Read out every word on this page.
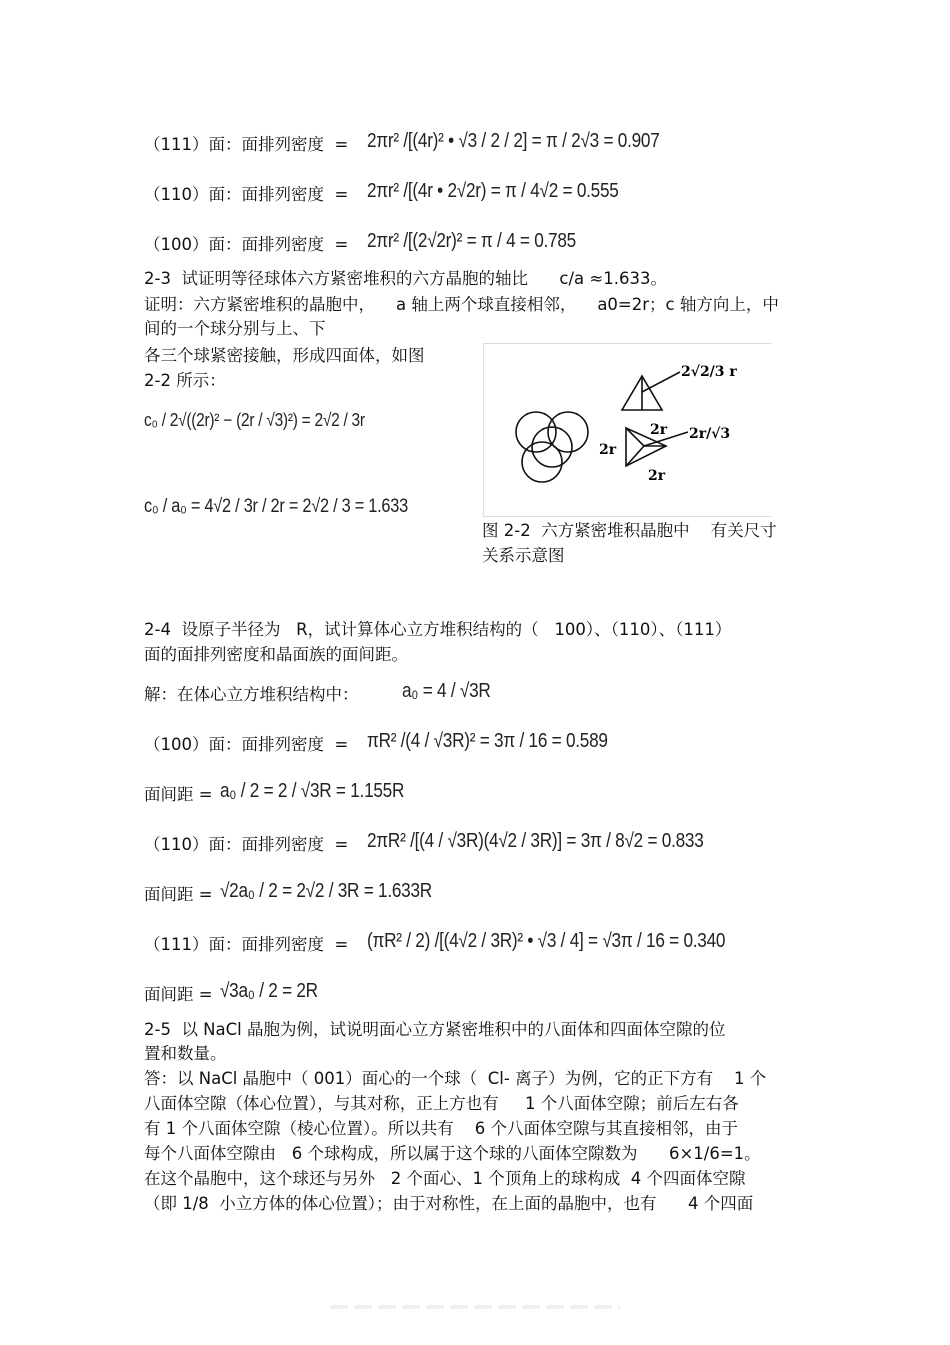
（111）面：面排列密度  = 2πr² /[(4r)² • √3 / 2 / 2] = π / 2√3 = 0.907
（110）面：面排列密度  = 2πr² /[(4r • 2√2r) = π / 4√2 = 0.555
（100）面：面排列密度  = 2πr² /[(2√2r)² = π / 4 = 0.785
2-3  试证明等径球体六方紧密堆积的六方晶胞的轴比      c/a ≈1.633。
证明：六方紧密堆积的晶胞中，    a 轴上两个球直接相邻，    a0=2r；c 轴方向上，中
间的一个球分别与上、下
各三个球紧密接触，形成四面体，如图
2-2 所示：
c₀ / 2√((2r)² − (2r / √3)²) = 2√2 / 3r
c₀ / a₀ = 4√2 / 3r / 2r = 2√2 / 3 = 1.633
2√2/3 r
2r/√3
2r
2r
2r
图 2-2  六方紧密堆积晶胞中    有关尺寸
关系示意图
2-4  设原子半径为   R，试计算体心立方堆积结构的（   100）、（110）、（111）
面的面排列密度和晶面族的面间距。
解：在体心立方堆积结构中： a₀ = 4 / √3R
（100）面：面排列密度  = πR² /(4 / √3R)² = 3π / 16 = 0.589
面间距 = a₀ / 2 = 2 / √3R = 1.155R
（110）面：面排列密度  = 2πR² /[(4 / √3R)(4√2 / 3R)] = 3π / 8√2 = 0.833
面间距 = √2a₀ / 2 = 2√2 / 3R = 1.633R
（111）面：面排列密度  = (πR² / 2) /[(4√2 / 3R)² • √3 / 4] = √3π / 16 = 0.340
面间距 = √3a₀ / 2 = 2R
2-5  以 NaCl 晶胞为例，试说明面心立方紧密堆积中的八面体和四面体空隙的位
置和数量。
答：以 NaCl 晶胞中（ 001）面心的一个球（  Cl- 离子）为例，它的正下方有    1 个
八面体空隙（体心位置），与其对称，正上方也有     1 个八面体空隙；前后左右各
有 1 个八面体空隙（棱心位置）。所以共有    6 个八面体空隙与其直接相邻，由于
每个八面体空隙由   6 个球构成，所以属于这个球的八面体空隙数为      6×1/6=1。
在这个晶胞中，这个球还与另外   2 个面心、1 个顶角上的球构成  4 个四面体空隙
（即 1/8  小立方体的体心位置）；由于对称性，在上面的晶胞中，也有      4 个四面
